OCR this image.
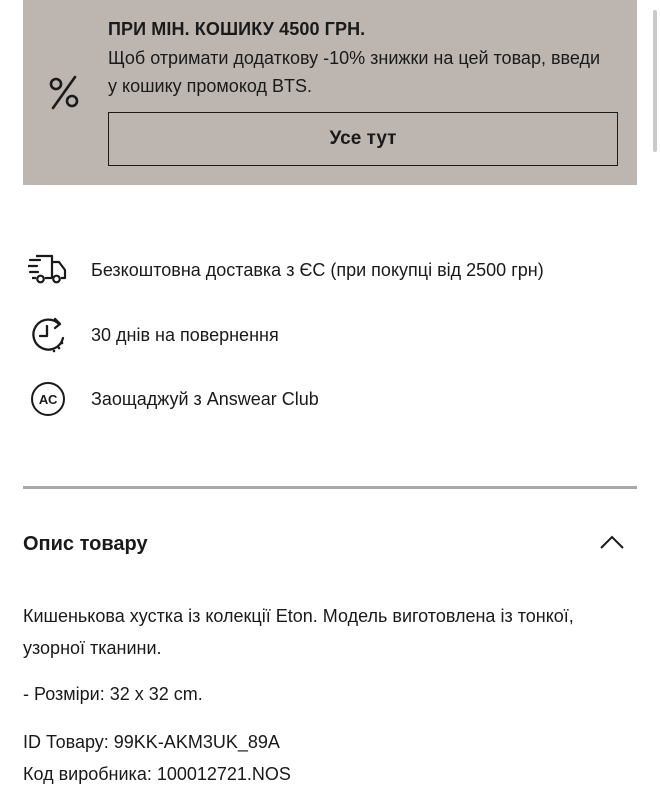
ПРИ МІН. КОШИКУ 4500 ГРН.
Щоб отримати додаткову -10% знижки на цей товар, введи у кошику промокод BTS.
Усе тут
Безкоштовна доставка з ЄС (при покупці від 2500 грн)
30 днів на повернення
AC	Заощаджуй з Answear Club
Опис товару

Кишенькова хустка із колекції Eton. Модель виготовлена із тонкої, узорної тканини.

- Розміри: 32 x 32 cm.
ID Товару: 99KK-AKM3UK_89A
Код виробника: 100012721.NOS
